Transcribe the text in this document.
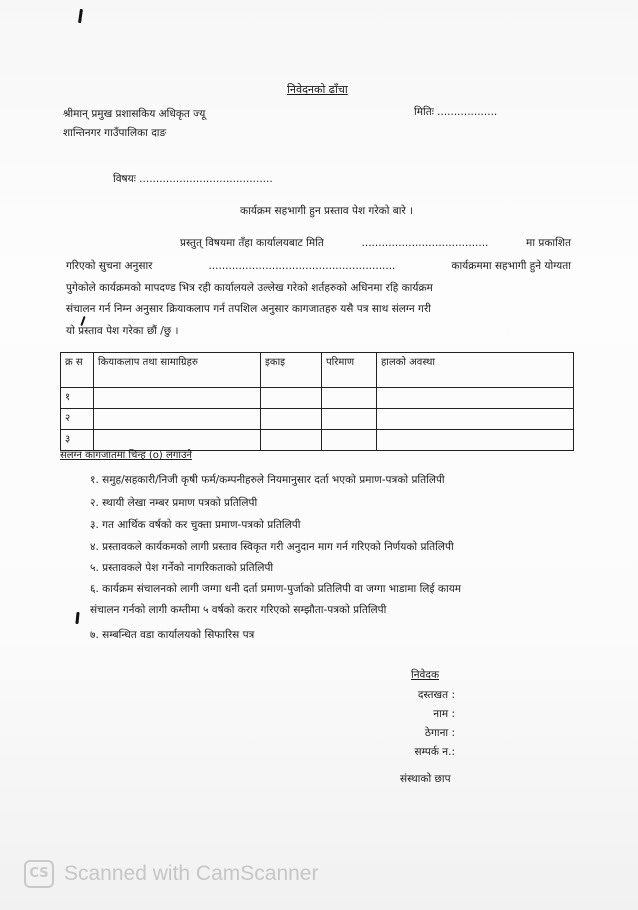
निवेदनको ढाँचा
श्रीमान् प्रमुख प्रशासकिय अधिकृत ज्यू
शान्तिनगर गाउँपालिका दाङ
मितिः ..................
विषयः ........................................
कार्यक्रम सहभागी हुन प्रस्ताव पेश गरेको बारे ।
प्रस्तुत् विषयमा तँहा कार्यालयबाट मिति	......................................	मा प्रकाशित
गरिएको सुचना अनुसार	........................................................	कार्यक्रममा सहभागी हुने योग्यता
पुगेकोले कार्यक्रमको मापदण्ड भित्र रही कार्यालयले उल्लेख गरेको शर्तहरुको अधिनमा रहि कार्यक्रम
संचालन गर्न निम्न अनुसार क्रियाकलाप गर्न तपशिल अनुसार कागजातहरु यसै पत्र साथ संलग्न गरी
यो प्रस्ताव पेश गरेका छौं /छु ।
क्र स	कियाकलाप तथा सामाग्रिहरु	इकाइ	परिमाण	हालको अवस्था
१				
२				
३				
संलग्न कागजातमा चिन्ह (o) लगाउने
१. समुह/सहकारी/निजी कृषी फर्म/कम्पनीहरुले नियमानुसार दर्ता भएको प्रमाण-पत्रको प्रतिलिपी
२. स्थायी लेखा नम्बर प्रमाण पत्रको प्रतिलिपी
३. गत आर्थिक वर्षको कर चुक्ता प्रमाण-पत्रको प्रतिलिपी
४. प्रस्तावकले कार्यकमको लागी प्रस्ताव स्विकृत गरी अनुदान माग गर्न गरिएको निर्णयको प्रतिलिपी
५. प्रस्तावकले पेश गर्नेको नागरिकताको प्रतिलिपी
६. कार्यक्रम संचालनको लागी जग्गा धनी दर्ता प्रमाण-पुर्जाको प्रतिलिपी वा जग्गा भाडामा लिई कायम
संचालन गर्नको लागी कम्तीमा ५ वर्षको करार गरिएको सम्झौता-पत्रको प्रतिलिपी
७. सम्बन्धित वडा कार्यालयको सिफारिस पत्र
निवेदक
दस्तखत :
नाम :
ठेगाना :
सम्पर्क न.:
संस्थाको छाप
CS Scanned with CamScanner
